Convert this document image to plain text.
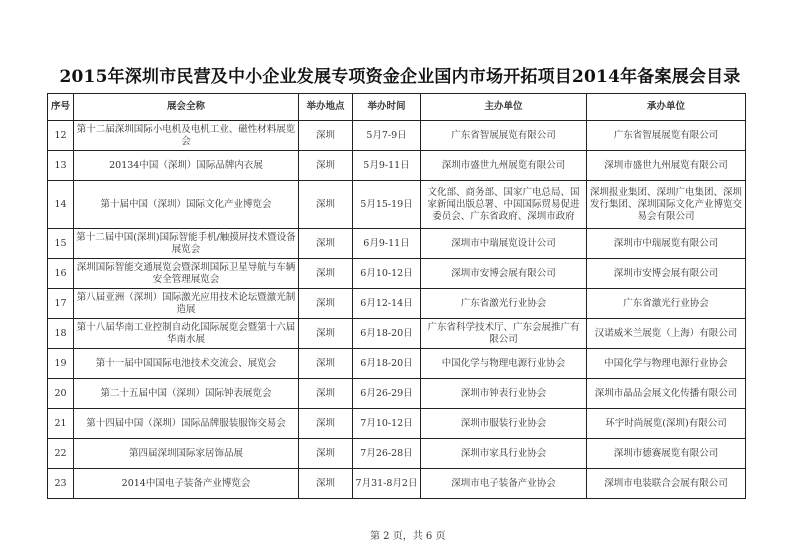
2015年深圳市民营及中小企业发展专项资金企业国内市场开拓项目2014年备案展会目录
序号	展会全称	举办地点	举办时间	主办单位	承办单位
12	第十二届深圳国际小电机及电机工业、磁性材料展览会	深圳	5月7-9日	广东省智展展览有限公司	广东省智展展览有限公司
13	20134中国（深圳）国际品牌内衣展	深圳	5月9-11日	深圳市盛世九州展览有限公司	深圳市盛世九州展览有限公司
14	第十届中国（深圳）国际文化产业博览会	深圳	5月15-19日	文化部、商务部、国家广电总局、国家新闻出版总署、中国国际贸易促进委员会、广东省政府、深圳市政府	深圳报业集团、深圳广电集团、深圳发行集团、深圳国际文化产业博览交易会有限公司
15	第十二届中国(深圳)国际智能手机/触摸屏技术暨设备展览会	深圳	6月9-11日	深圳市中瑞展览设计公司	深圳市中瑞展览有限公司
16	深圳国际智能交通展览会暨深圳国际卫星导航与车辆安全管理展览会	深圳	6月10-12日	深圳市安博会展有限公司	深圳市安博会展有限公司
17	第八届亚洲（深圳）国际激光应用技术论坛暨激光制造展	深圳	6月12-14日	广东省激光行业协会	广东省激光行业协会
18	第十八届华南工业控制自动化国际展览会暨第十六届华南水展	深圳	6月18-20日	广东省科学技术厅、广东会展推广有限公司	汉诺威米兰展览（上海）有限公司
19	第十一届中国国际电池技术交流会、展览会	深圳	6月18-20日	中国化学与物理电源行业协会	中国化学与物理电源行业协会
20	第二十五届中国（深圳）国际钟表展览会	深圳	6月26-29日	深圳市钟表行业协会	深圳市晶品会展文化传播有限公司
21	第十四届中国（深圳）国际品牌服装服饰交易会	深圳	7月10-12日	深圳市服装行业协会	环宇时尚展览(深圳)有限公司
22	第四届深圳国际家居饰品展	深圳	7月26-28日	深圳市家具行业协会	深圳市德赛展览有限公司
23	2014中国电子装备产业博览会	深圳	7月31-8月2日	深圳市电子装备产业协会	深圳市电装联合会展有限公司
第 2 页，共 6 页
